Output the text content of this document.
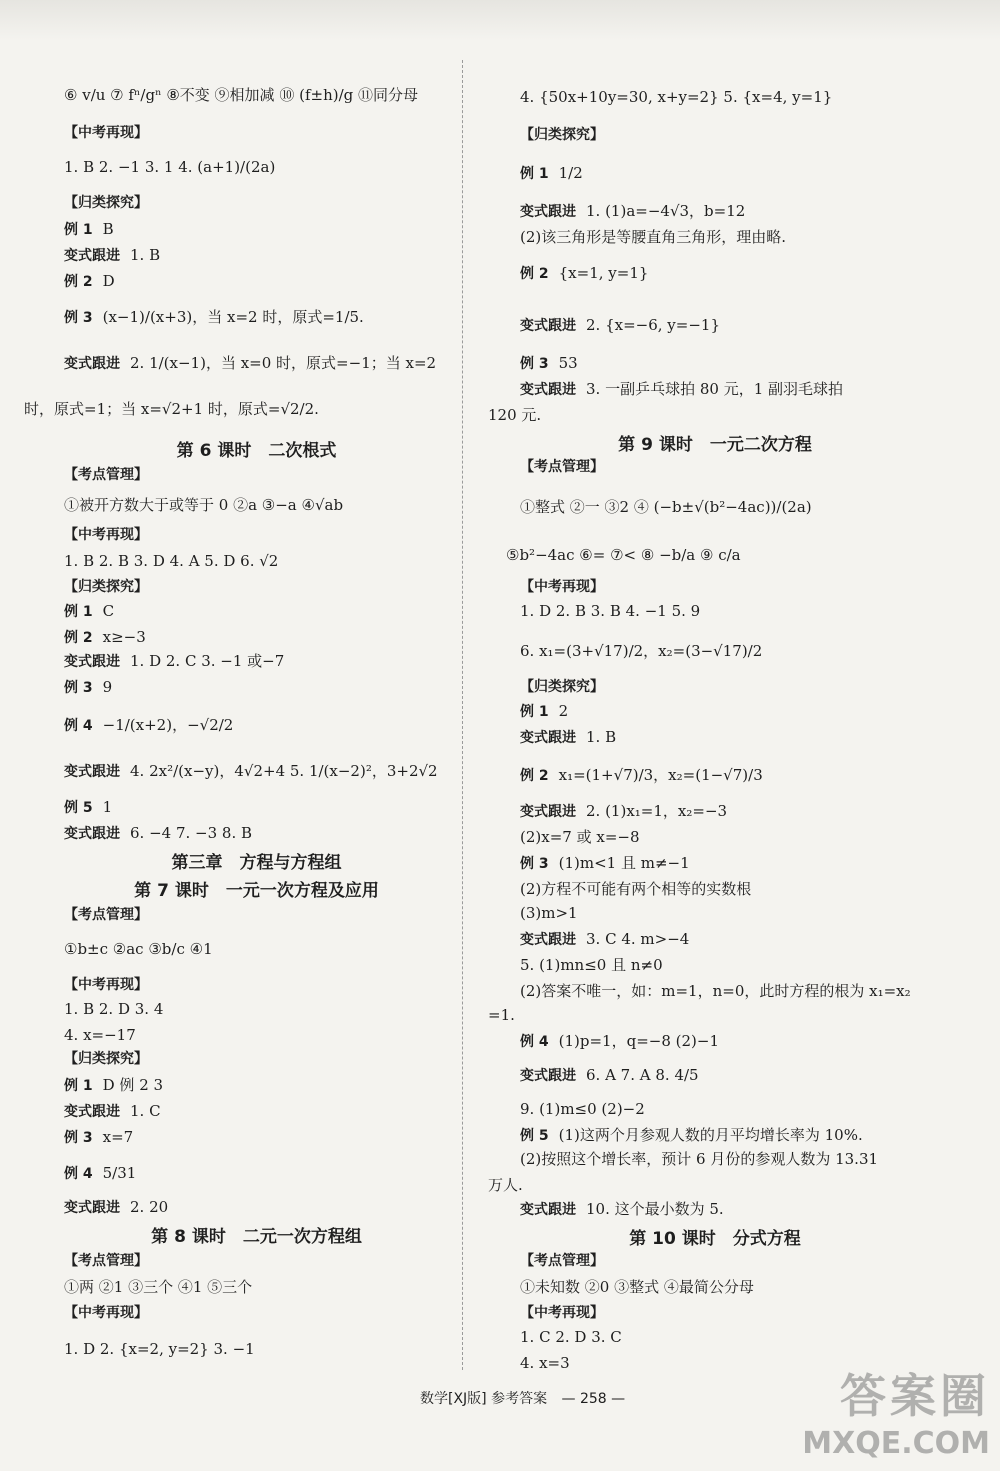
⑥ v/u ⑦ fⁿ/gⁿ ⑧不变 ⑨相加减 ⑩ (f±h)/g ⑪同分母
【中考再现】
1. B 2. −1 3. 1 4. (a+1)/(2a)
【归类探究】
例 1 B
变式跟进 1. B
例 2 D
例 3 (x−1)/(x+3)，当 x=2 时，原式=1/5.
变式跟进 2. 1/(x−1)，当 x=0 时，原式=−1；当 x=2
时，原式=1；当 x=√2+1 时，原式=√2/2.
第 6 课时　二次根式
【考点管理】
①被开方数大于或等于 0 ②a ③−a ④√ab
【中考再现】
1. B 2. B 3. D 4. A 5. D 6. √2
【归类探究】
例 1 C
例 2 x≥−3
变式跟进 1. D 2. C 3. −1 或−7
例 3 9
例 4 −1/(x+2)，−√2/2
变式跟进 4. 2x²/(x−y)，4√2+4 5. 1/(x−2)²，3+2√2
例 5 1
变式跟进 6. −4 7. −3 8. B
第三章　方程与方程组
第 7 课时　一元一次方程及应用
【考点管理】
①b±c ②ac ③b/c ④1
【中考再现】
1. B 2. D 3. 4
4. x=−17
【归类探究】
例 1 D 例 2 3
变式跟进 1. C
例 3 x=7
例 4 5/31
变式跟进 2. 20
第 8 课时　二元一次方程组
【考点管理】
①两 ②1 ③三个 ④1 ⑤三个
【中考再现】
1. D 2. {x=2, y=2} 3. −1
4. {50x+10y=30, x+y=2} 5. {x=4, y=1}
【归类探究】
例 1 1/2
变式跟进 1. (1)a=−4√3，b=12
(2)该三角形是等腰直角三角形，理由略.
例 2 {x=1, y=1}
变式跟进 2. {x=−6, y=−1}
例 3 53
变式跟进 3. 一副乒乓球拍 80 元，1 副羽毛球拍
120 元.
第 9 课时　一元二次方程
【考点管理】
①整式 ②一 ③2 ④ (−b±√(b²−4ac))/(2a)
⑤b²−4ac ⑥= ⑦< ⑧ −b/a ⑨ c/a
【中考再现】
1. D 2. B 3. B 4. −1 5. 9
6. x₁=(3+√17)/2，x₂=(3−√17)/2
【归类探究】
例 1 2
变式跟进 1. B
例 2 x₁=(1+√7)/3，x₂=(1−√7)/3
变式跟进 2. (1)x₁=1，x₂=−3
(2)x=7 或 x=−8
例 3 (1)m<1 且 m≠−1
(2)方程不可能有两个相等的实数根
(3)m>1
变式跟进 3. C 4. m>−4
5. (1)mn≤0 且 n≠0
(2)答案不唯一，如：m=1，n=0，此时方程的根为 x₁=x₂
=1.
例 4 (1)p=1，q=−8 (2)−1
变式跟进 6. A 7. A 8. 4/5
9. (1)m≤0 (2)−2
例 5 (1)这两个月参观人数的月平均增长率为 10%.
(2)按照这个增长率，预计 6 月份的参观人数为 13.31
万人.
变式跟进 10. 这个最小数为 5.
第 10 课时　分式方程
【考点管理】
①未知数 ②0 ③整式 ④最简公分母
【中考再现】
1. C 2. D 3. C
4. x=3
数学[XJ版] 参考答案 — 258 —	答案圈
MXQE.COM
